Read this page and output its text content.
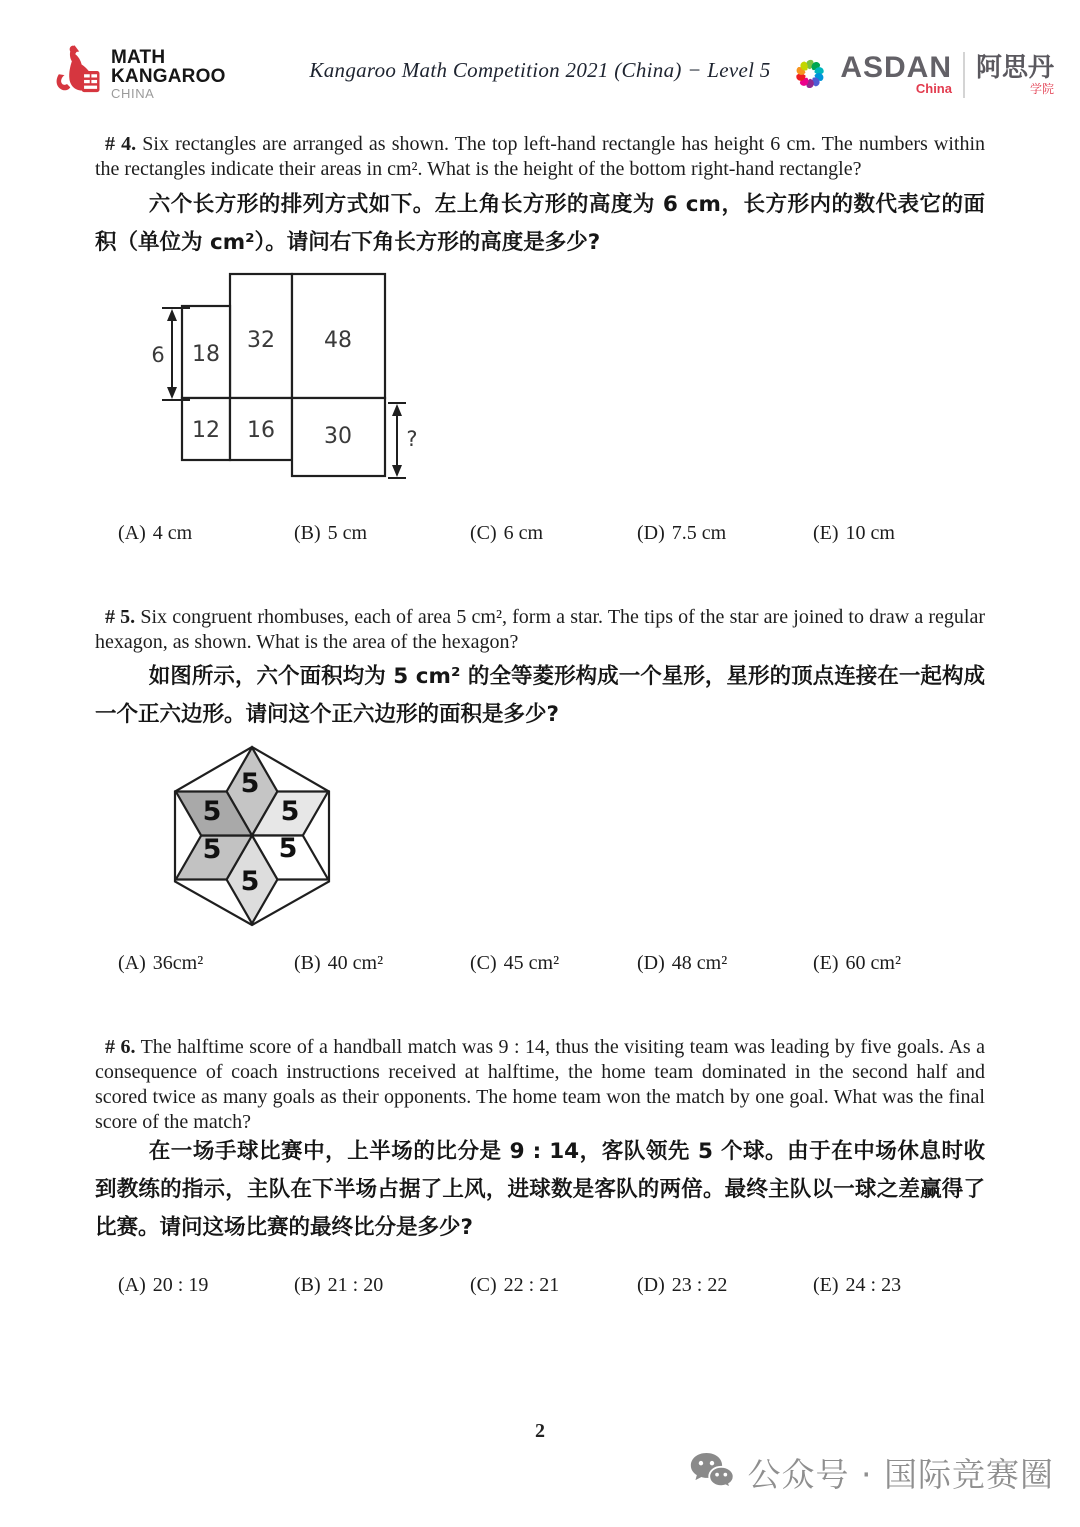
MATH
KANGAROO
CHINA
Kangaroo Math Competition 2021 (China) − Level 5	ASDAN
China
阿思丹
学院
# 4. Six rectangles are arranged as shown. The top left-hand rectangle has height 6 cm. The numbers within the rectangles indicate their areas in cm². What is the height of the bottom right-hand rectangle?
六个长方形的排列方式如下。左上角长方形的高度为 6 cm，长方形内的数代表它的面积（单位为 cm²）。请问右下角长方形的高度是多少?
18
32 48
12 16 30
6
?
(A) 4 cm	(B) 5 cm	(C) 6 cm	(D) 7.5 cm	(E) 10 cm
# 5. Six congruent rhombuses, each of area 5 cm², form a star. The tips of the star are joined to draw a regular hexagon, as shown. What is the area of the hexagon?
如图所示，六个面积均为 5 cm² 的全等菱形构成一个星形，星形的顶点连接在一起构成一个正六边形。请问这个正六边形的面积是多少?
5
5 5
5 5
5
(A) 36cm²	(B) 40 cm²	(C) 45 cm²	(D) 48 cm²	(E) 60 cm²
# 6. The halftime score of a handball match was 9 : 14, thus the visiting team was leading by five goals. As a consequence of coach instructions received at halftime, the home team dominated in the second half and scored twice as many goals as their opponents. The home team won the match by one goal. What was the final score of the match?
在一场手球比赛中，上半场的比分是 9 : 14，客队领先 5 个球。由于在中场休息时收到教练的指示，主队在下半场占据了上风，进球数是客队的两倍。最终主队以一球之差赢得了比赛。请问这场比赛的最终比分是多少?
(A) 20 : 19	(B) 21 : 20	(C) 22 : 21	(D) 23 : 22	(E) 24 : 23
2
公众号 · 国际竞赛圈
